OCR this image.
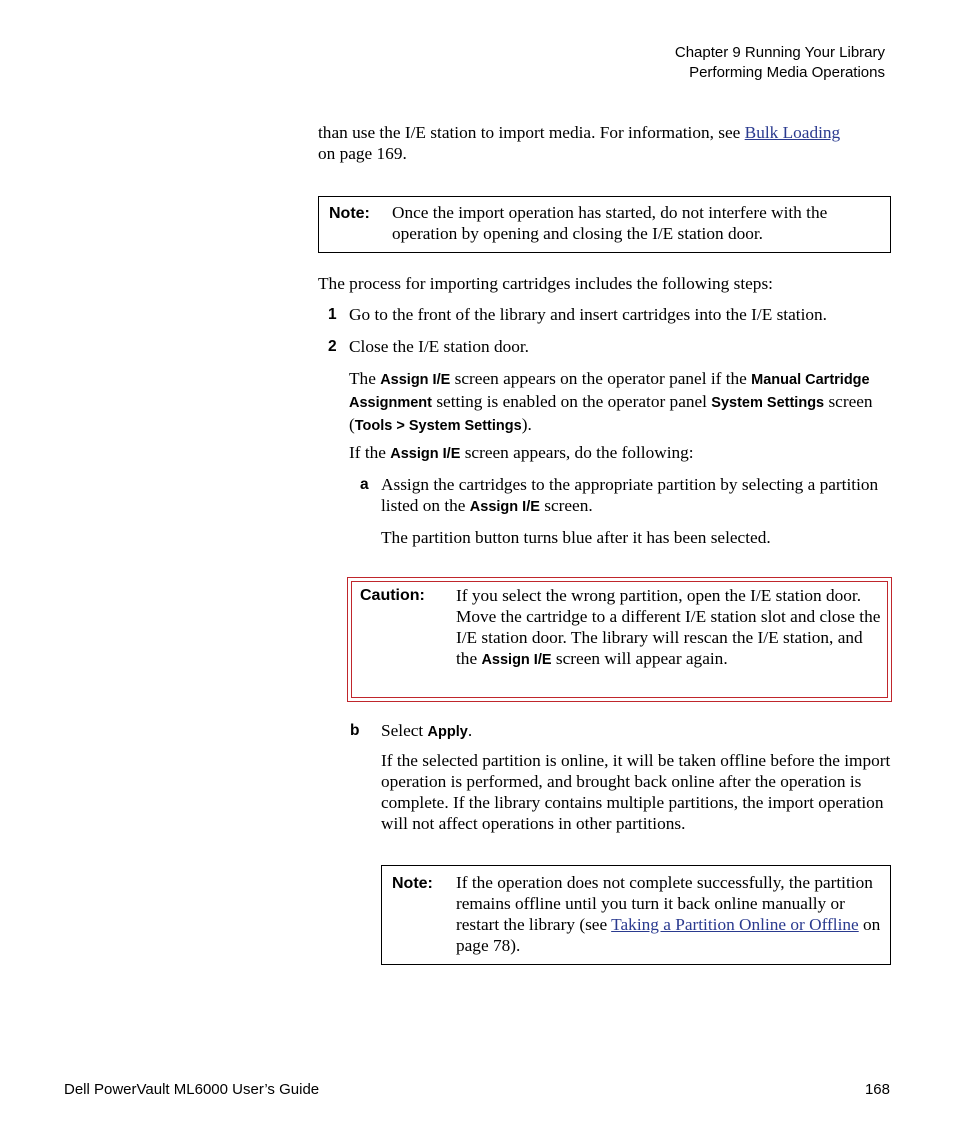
Chapter 9 Running Your Library
Performing Media Operations
than use the I/E station to import media. For information, see Bulk Loading on page 169.
Note: Once the import operation has started, do not interfere with the operation by opening and closing the I/E station door.
The process for importing cartridges includes the following steps:
1 Go to the front of the library and insert cartridges into the I/E station.
2 Close the I/E station door.
The Assign I/E screen appears on the operator panel if the Manual Cartridge Assignment setting is enabled on the operator panel System Settings screen (Tools > System Settings).
If the Assign I/E screen appears, do the following:
a Assign the cartridges to the appropriate partition by selecting a partition listed on the Assign I/E screen.
The partition button turns blue after it has been selected.
Caution: If you select the wrong partition, open the I/E station door. Move the cartridge to a different I/E station slot and close the I/E station door. The library will rescan the I/E station, and the Assign I/E screen will appear again.
b Select Apply.
If the selected partition is online, it will be taken offline before the import operation is performed, and brought back online after the operation is complete. If the library contains multiple partitions, the import operation will not affect operations in other partitions.
Note: If the operation does not complete successfully, the partition remains offline until you turn it back online manually or restart the library (see Taking a Partition Online or Offline on page 78).
Dell PowerVault ML6000 User’s Guide	168
